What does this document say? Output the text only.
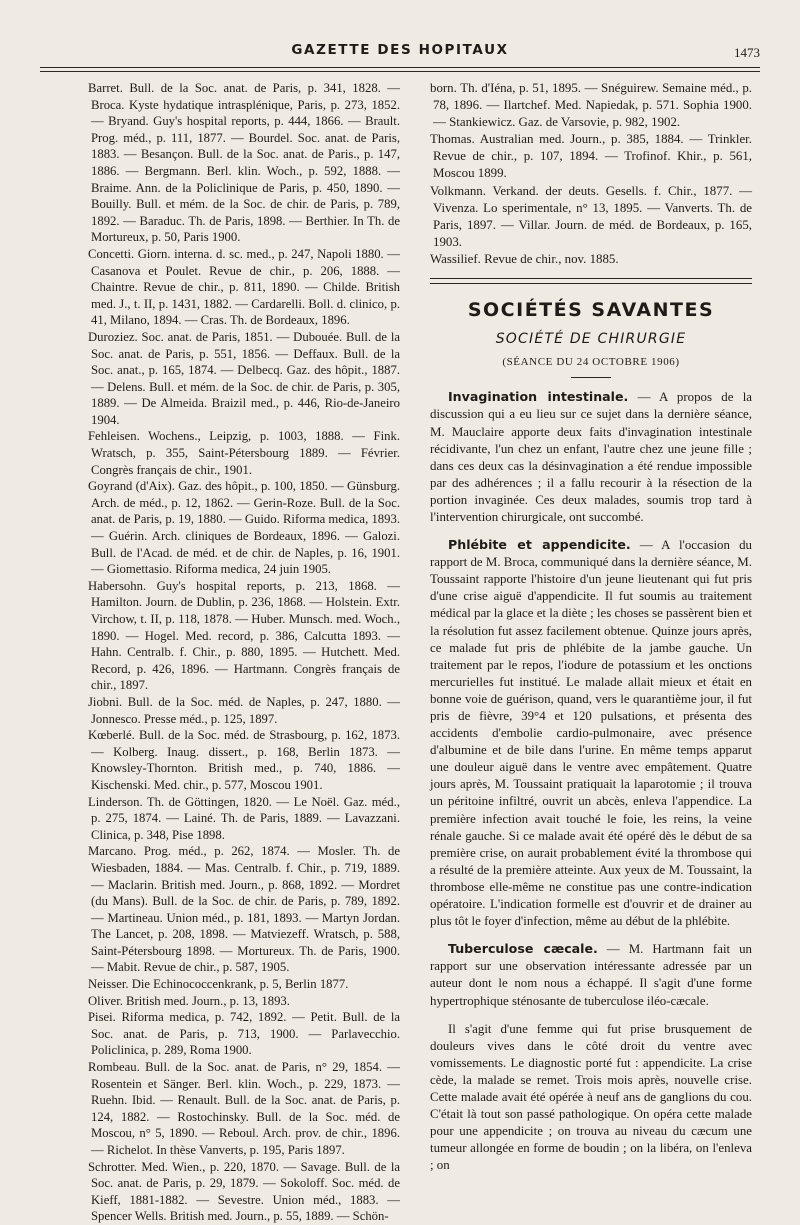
GAZETTE DES HOPITAUX	1473

Barret. Bull. de la Soc. anat. de Paris, p. 341, 1828. — Broca. Kyste hydatique intrasplénique, Paris, p. 273, 1852. — Bryand. Guy's hospital reports, p. 444, 1866. — Brault. Prog. méd., p. 111, 1877. — Bourdel. Soc. anat. de Paris, 1883. — Besançon. Bull. de la Soc. anat. de Paris., p. 147, 1886. — Bergmann. Berl. klin. Woch., p. 592, 1888. — Braime. Ann. de la Policlinique de Paris, p. 450, 1890. — Bouilly. Bull. et mém. de la Soc. de chir. de Paris, p. 789, 1892. — Baraduc. Th. de Paris, 1898. — Berthier. In Th. de Mortureux, p. 50, Paris 1900.

Concetti. Giorn. interna. d. sc. med., p. 247, Napoli 1880. — Casanova et Poulet. Revue de chir., p. 206, 1888. — Chaintre. Revue de chir., p. 811, 1890. — Childe. British med. J., t. II, p. 1431, 1882. — Cardarelli. Boll. d. clinico, p. 41, Milano, 1894. — Cras. Th. de Bordeaux, 1896.

Duroziez. Soc. anat. de Paris, 1851. — Dubouée. Bull. de la Soc. anat. de Paris, p. 551, 1856. — Deffaux. Bull. de la Soc. anat., p. 165, 1874. — Delbecq. Gaz. des hôpit., 1887. — Delens. Bull. et mém. de la Soc. de chir. de Paris, p. 305, 1889. — De Almeida. Braizil med., p. 446, Rio-de-Janeiro 1904.

Fehleisen. Wochens., Leipzig, p. 1003, 1888. — Fink. Wratsch, p. 355, Saint-Pétersbourg 1889. — Février. Congrès français de chir., 1901.

Goyrand (d'Aix). Gaz. des hôpit., p. 100, 1850. — Günsburg. Arch. de méd., p. 12, 1862. — Gerin-Roze. Bull. de la Soc. anat. de Paris, p. 19, 1880. — Guido. Riforma medica, 1893. — Guérin. Arch. cliniques de Bordeaux, 1896. — Galozi. Bull. de l'Acad. de méd. et de chir. de Naples, p. 16, 1901. — Giomettasio. Riforma medica, 24 juin 1905.

Habersohn. Guy's hospital reports, p. 213, 1868. — Hamilton. Journ. de Dublin, p. 236, 1868. — Holstein. Extr. Virchow, t. II, p. 118, 1878. — Huber. Munsch. med. Woch., 1890. — Hogel. Med. record, p. 386, Calcutta 1893. — Hahn. Centralb. f. Chir., p. 880, 1895. — Hutchett. Med. Record, p. 426, 1896. — Hartmann. Congrès français de chir., 1897.

Jiobni. Bull. de la Soc. méd. de Naples, p. 247, 1880. — Jonnesco. Presse méd., p. 125, 1897.

Kœberlé. Bull. de la Soc. méd. de Strasbourg, p. 162, 1873. — Kolberg. Inaug. dissert., p. 168, Berlin 1873. — Knowsley-Thornton. British med., p. 740, 1886. — Kischenski. Med. chir., p. 577, Moscou 1901.

Linderson. Th. de Göttingen, 1820. — Le Noël. Gaz. méd., p. 275, 1874. — Lainé. Th. de Paris, 1889. — Lavazzani. Clinica, p. 348, Pise 1898.

Marcano. Prog. méd., p. 262, 1874. — Mosler. Th. de Wiesbaden, 1884. — Mas. Centralb. f. Chir., p. 719, 1889. — Maclarin. British med. Journ., p. 868, 1892. — Mordret (du Mans). Bull. de la Soc. de chir. de Paris, p. 789, 1892. — Martineau. Union méd., p. 181, 1893. — Martyn Jordan. The Lancet, p. 208, 1898. — Matviezeff. Wratsch, p. 588, Saint-Pétersbourg 1898. — Mortureux. Th. de Paris, 1900. — Mabit. Revue de chir., p. 587, 1905.

Neisser. Die Echinococcenkrank, p. 5, Berlin 1877.

Oliver. British med. Journ., p. 13, 1893.

Pisei. Riforma medica, p. 742, 1892. — Petit. Bull. de la Soc. anat. de Paris, p. 713, 1900. — Parlavecchio. Policlinica, p. 289, Roma 1900.

Rombeau. Bull. de la Soc. anat. de Paris, n° 29, 1854. — Rosentein et Sänger. Berl. klin. Woch., p. 229, 1873. — Ruehn. Ibid. — Renault. Bull. de la Soc. anat. de Paris, p. 124, 1882. — Rostochinsky. Bull. de la Soc. méd. de Moscou, n° 5, 1890. — Reboul. Arch. prov. de chir., 1896. — Richelot. In thèse Vanverts, p. 195, Paris 1897.

Schrotter. Med. Wien., p. 220, 1870. — Savage. Bull. de la Soc. anat. de Paris, p. 29, 1879. — Sokoloff. Soc. méd. de Kieff, 1881-1882. — Sevestre. Union méd., 1883. — Spencer Wells. British med. Journ., p. 55, 1889. — Schön-

born. Th. d'Iéna, p. 51, 1895. — Snéguirew. Semaine méd., p. 78, 1896. — Ilartchef. Med. Napiedak, p. 571. Sophia 1900. — Stankiewicz. Gaz. de Varsovie, p. 982, 1902.

Thomas. Australian med. Journ., p. 385, 1884. — Trinkler. Revue de chir., p. 107, 1894. — Trofinof. Khir., p. 561, Moscou 1899.

Volkmann. Verkand. der deuts. Gesells. f. Chir., 1877. — Vivenza. Lo sperimentale, n° 13, 1895. — Vanverts. Th. de Paris, 1897. — Villar. Journ. de méd. de Bordeaux, p. 165, 1903.

Wassilief. Revue de chir., nov. 1885.

SOCIÉTÉS SAVANTES
SOCIÉTÉ DE CHIRURGIE
(SÉANCE DU 24 OCTOBRE 1906)

Invagination intestinale. — A propos de la discussion qui a eu lieu sur ce sujet dans la dernière séance, M. Mauclaire apporte deux faits d'invagination intestinale récidivante, l'un chez un enfant, l'autre chez une jeune fille ; dans ces deux cas la désinvagination a été rendue impossible par des adhérences ; il a fallu recourir à la résection de la portion invaginée. Ces deux malades, soumis trop tard à l'intervention chirurgicale, ont succombé.

Phlébite et appendicite. — A l'occasion du rapport de M. Broca, communiqué dans la dernière séance, M. Toussaint rapporte l'histoire d'un jeune lieutenant qui fut pris d'une crise aiguë d'appendicite. Il fut soumis au traitement médical par la glace et la diète ; les choses se passèrent bien et la résolution fut assez facilement obtenue. Quinze jours après, ce malade fut pris de phlébite de la jambe gauche. Un traitement par le repos, l'iodure de potassium et les onctions mercurielles fut institué. Le malade allait mieux et était en bonne voie de guérison, quand, vers le quarantième jour, il fut pris de fièvre, 39°4 et 120 pulsations, et présenta des accidents d'embolie cardio-pulmonaire, avec présence d'albumine et de bile dans l'urine. En même temps apparut une douleur aiguë dans le ventre avec empâtement. Quatre jours après, M. Toussaint pratiquait la laparotomie ; il trouva un péritoine infiltré, ouvrit un abcès, enleva l'appendice. La première infection avait touché le foie, les reins, la veine rénale gauche. Si ce malade avait été opéré dès le début de sa première crise, on aurait probablement évité la thrombose qui a résulté de la première atteinte. Aux yeux de M. Toussaint, la thrombose elle-même ne constitue pas une contre-indication opératoire. L'indication formelle est d'ouvrir et de drainer au plus tôt le foyer d'infection, même au début de la phlébite.

Tuberculose cæcale. — M. Hartmann fait un rapport sur une observation intéressante adressée par un auteur dont le nom nous a échappé. Il s'agit d'une forme hypertrophique sténosante de tuberculose iléo-cæcale.

Il s'agit d'une femme qui fut prise brusquement de douleurs vives dans le côté droit du ventre avec vomissements. Le diagnostic porté fut : appendicite. La crise cède, la malade se remet. Trois mois après, nouvelle crise. Cette malade avait été opérée à neuf ans de ganglions du cou. C'était là tout son passé pathologique. On opéra cette malade pour une appendicite ; on trouva au niveau du cæcum une tumeur allongée en forme de boudin ; on la libéra, on l'enleva ; on
